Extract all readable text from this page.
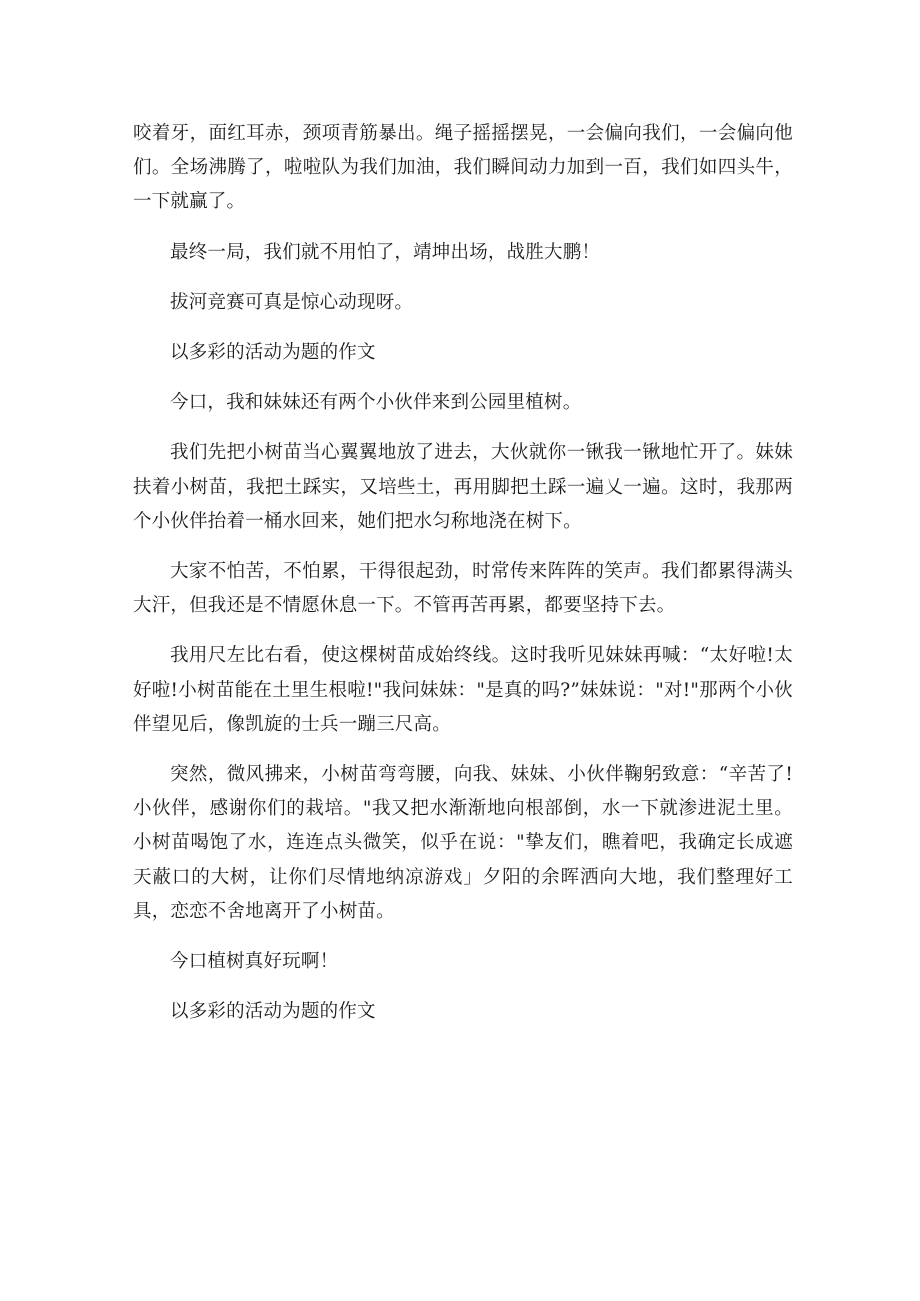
咬着牙，面红耳赤，颈项青筋暴出。绳子摇摇摆晃，一会偏向我们，一会偏向他们。全场沸腾了，啦啦队为我们加油，我们瞬间动力加到一百，我们如四头牛，一下就赢了。

最终一局，我们就不用怕了，靖坤出场，战胜大鹏！

拔河竞赛可真是惊心动现呀。

以多彩的活动为题的作文

今口，我和妹妹还有两个小伙伴来到公园里植树。

我们先把小树苗当心翼翼地放了进去，大伙就你一锹我一锹地忙开了。妹妹扶着小树苗，我把土踩实，又培些土，再用脚把土踩一遍乂一遍。这时，我那两个小伙伴抬着一桶水回来，她们把水匀称地浇在树下。

大家不怕苦，不怕累，干得很起劲，时常传来阵阵的笑声。我们都累得满头大汗，但我还是不情愿休息一下。不管再苦再累，都要坚持下去。

我用尺左比右看，使这棵树苗成始终线。这时我听见妹妹再喊：“太好啦!太好啦!小树苗能在土里生根啦!"我问妹妹："是真的吗?”妹妹说："对!"那两个小伙伴望见后，像凯旋的士兵一蹦三尺高。

突然，微风拂来，小树苗弯弯腰，向我、妹妹、小伙伴鞠躬致意：“辛苦了!小伙伴，感谢你们的栽培。"我又把水渐渐地向根部倒，水一下就渗进泥土里。小树苗喝饱了水，连连点头微笑，似乎在说："挚友们，瞧着吧，我确定长成遮天蔽口的大树，让你们尽情地纳凉游戏」夕阳的余晖洒向大地，我们整理好工具，恋恋不舍地离开了小树苗。

今口植树真好玩啊！

以多彩的活动为题的作文
